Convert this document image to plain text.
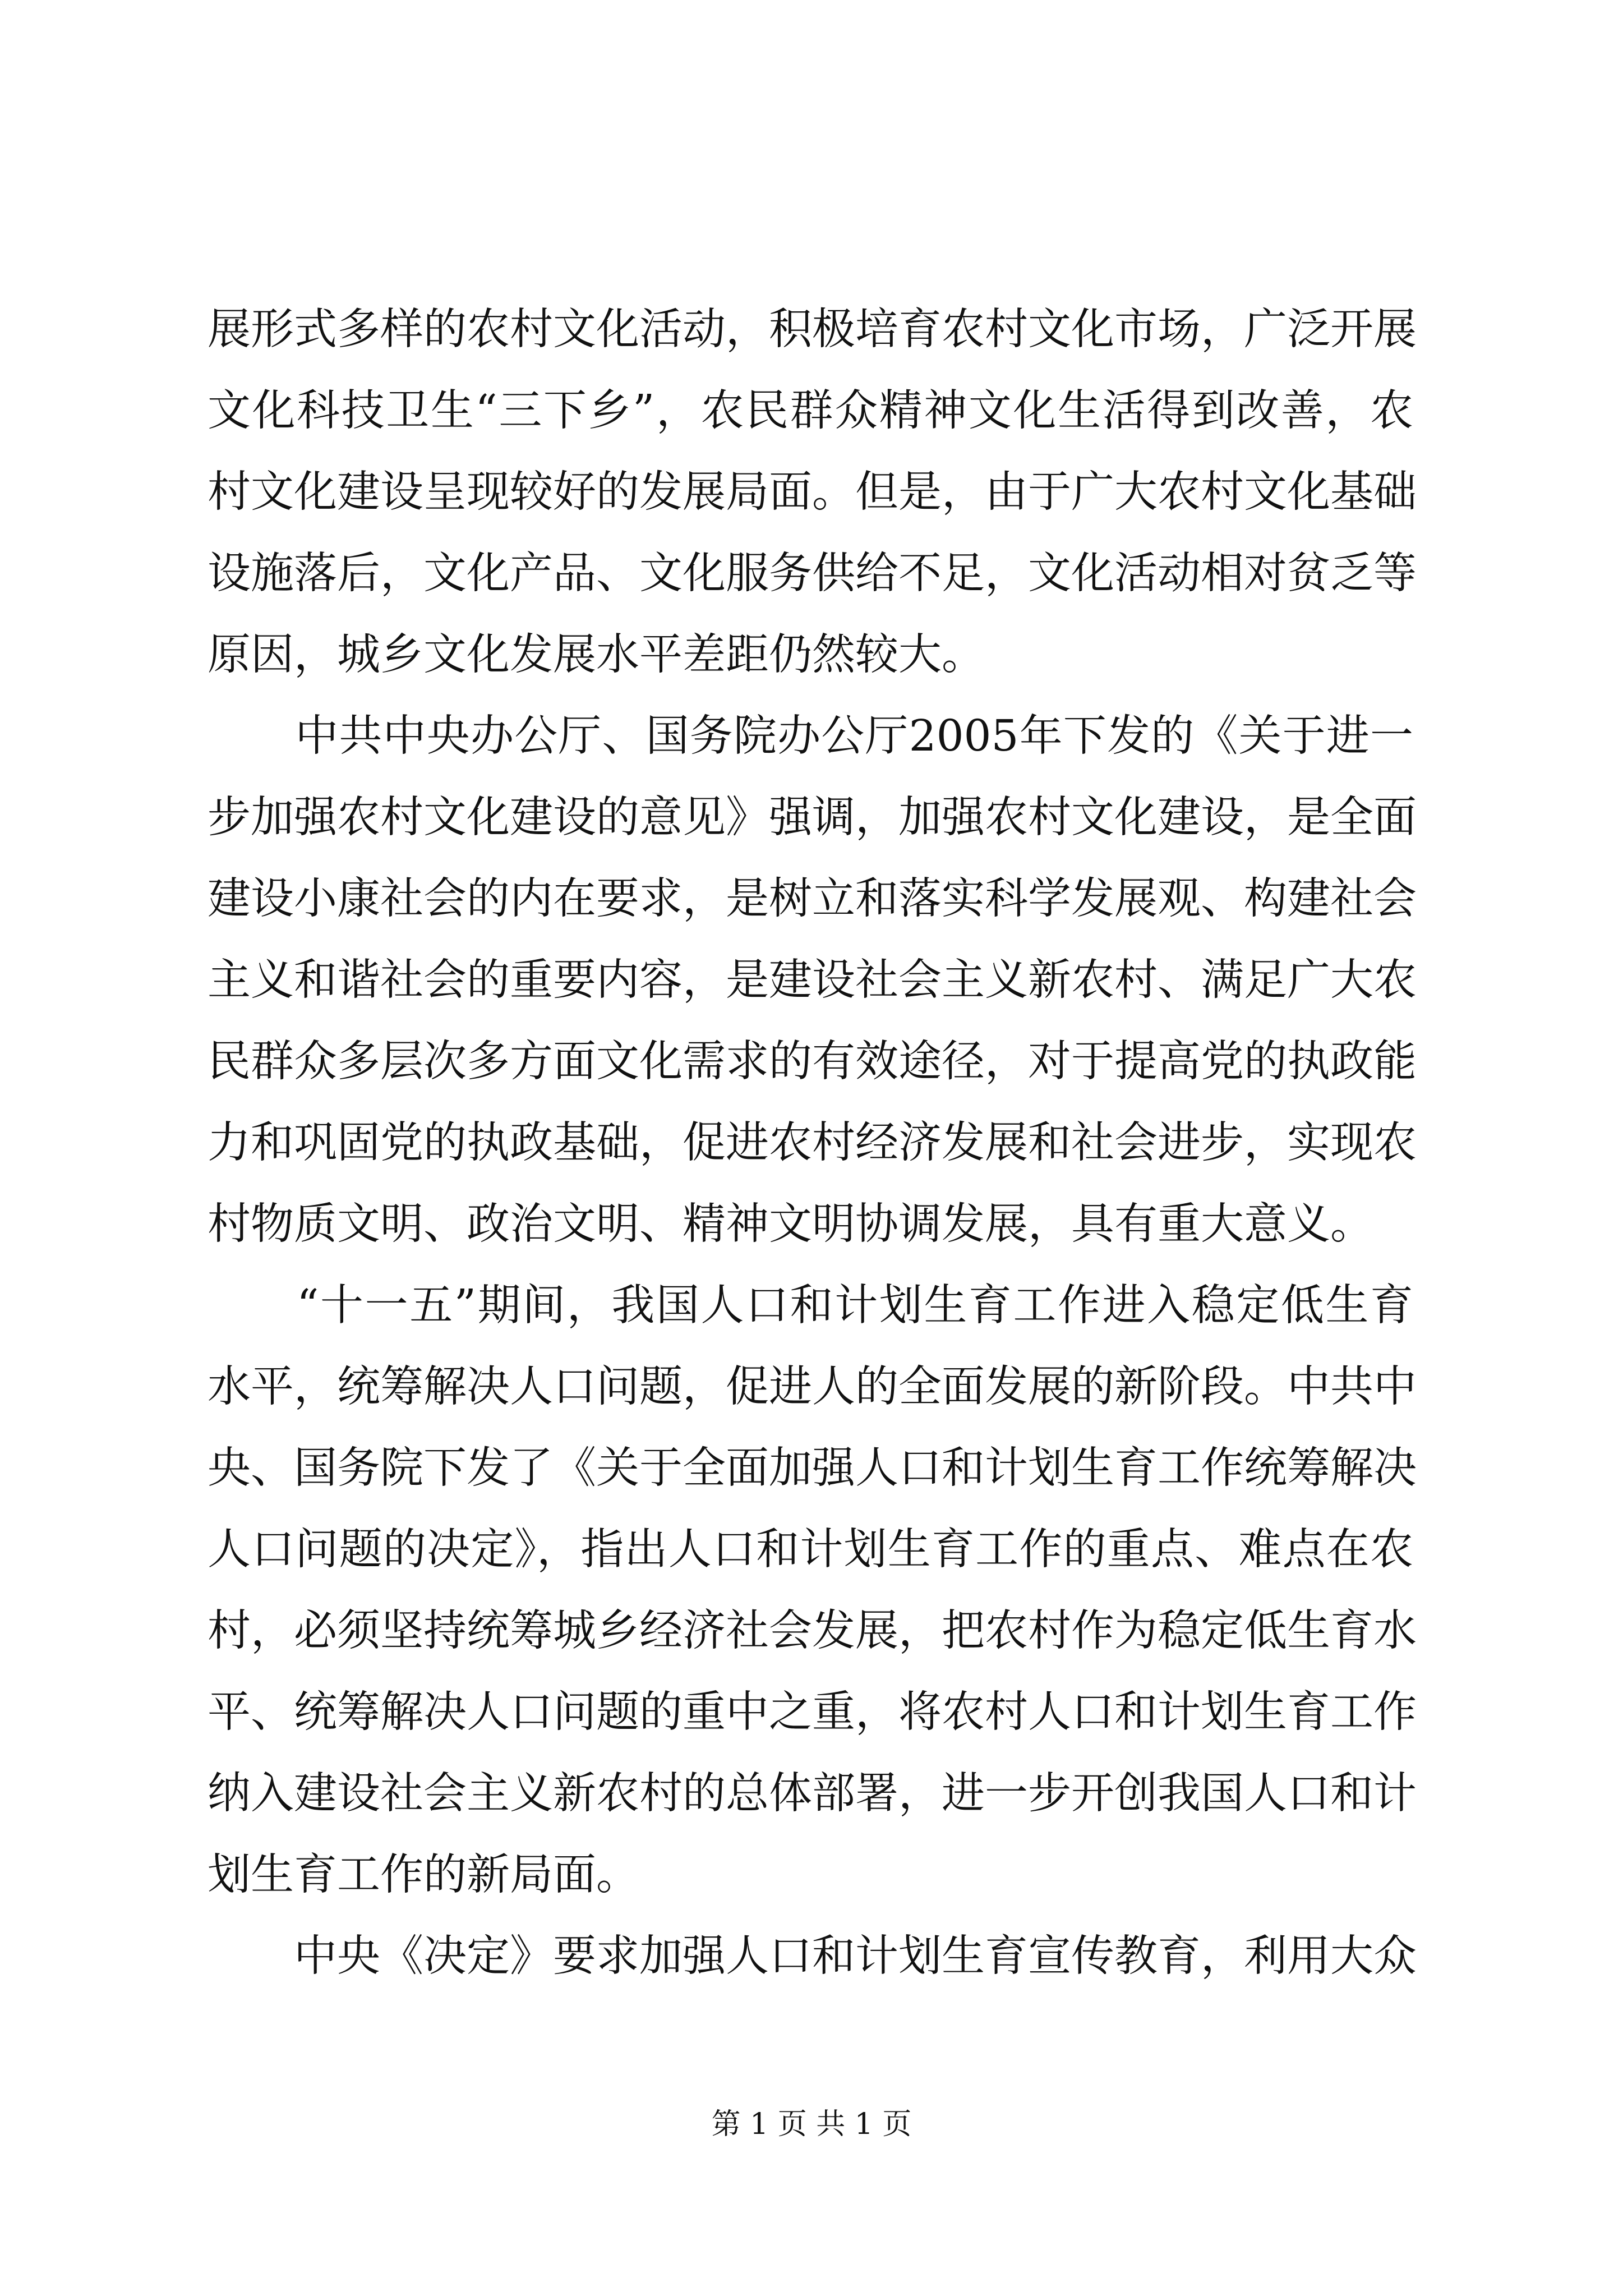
展形式多样的农村文化活动，积极培育农村文化市场，广泛开展
文化科技卫生“三下乡”，农民群众精神文化生活得到改善，农
村文化建设呈现较好的发展局面。但是，由于广大农村文化基础
设施落后，文化产品、文化服务供给不足，文化活动相对贫乏等
原因，城乡文化发展水平差距仍然较大。
　　中共中央办公厅、国务院办公厅2005年下发的《关于进一
步加强农村文化建设的意见》强调，加强农村文化建设，是全面
建设小康社会的内在要求，是树立和落实科学发展观、构建社会
主义和谐社会的重要内容，是建设社会主义新农村、满足广大农
民群众多层次多方面文化需求的有效途径，对于提高党的执政能
力和巩固党的执政基础，促进农村经济发展和社会进步，实现农
村物质文明、政治文明、精神文明协调发展，具有重大意义。
　　“十一五”期间，我国人口和计划生育工作进入稳定低生育
水平，统筹解决人口问题，促进人的全面发展的新阶段。中共中
央、国务院下发了《关于全面加强人口和计划生育工作统筹解决
人口问题的决定》，指出人口和计划生育工作的重点、难点在农
村，必须坚持统筹城乡经济社会发展，把农村作为稳定低生育水
平、统筹解决人口问题的重中之重，将农村人口和计划生育工作
纳入建设社会主义新农村的总体部署，进一步开创我国人口和计
划生育工作的新局面。
　　中央《决定》要求加强人口和计划生育宣传教育，利用大众
第 1 页 共 1 页
